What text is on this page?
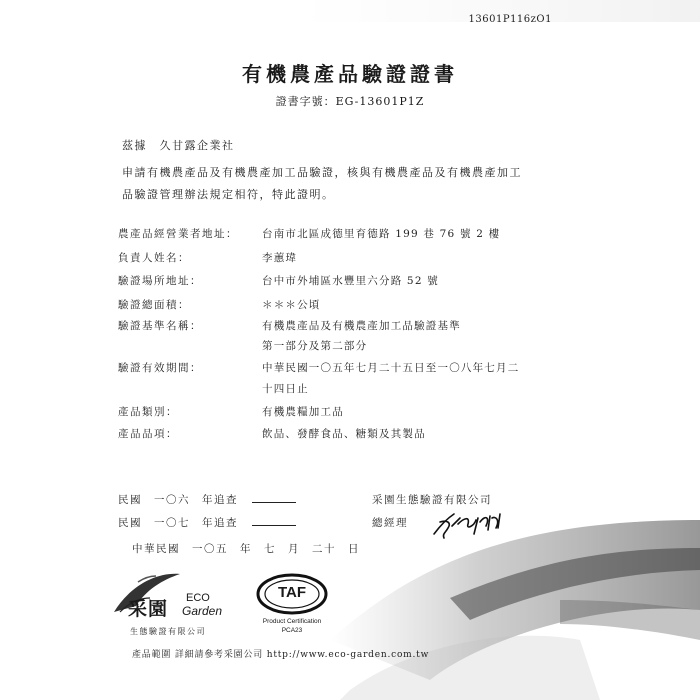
13601P116zO1
有機農產品驗證證書
證書字號：EG-13601P1Z
茲據　久甘露企業社
申請有機農產品及有機農產加工品驗證，核與有機農產品及有機農產加工
品驗證管理辦法規定相符，特此證明。
農產品經營業者地址： 台南市北區成德里育德路 199 巷 76 號 2 樓
負責人姓名：	李蕙瑋
驗證場所地址：	台中市外埔區水豐里六分路 52 號
驗證總面積：	＊＊＊公頃
驗證基準名稱：	有機農產品及有機農產加工品驗證基準
第一部分及第二部分
驗證有效期間：	中華民國一〇五年七月二十五日至一〇八年七月二
十四日止
產品類別：	有機農糧加工品
產品品項：	飲品、發酵食品、糖類及其製品
民國　一〇六　年追查
民國　一〇七　年追查
采園生態驗證有限公司
總經理
中華民國　一〇五　年　七　月　二十　日
采園 ECO
Garden
生態驗證有限公司
TAF
Product Certification
PCA23
產品範圍 詳細請參考采園公司 http://www.eco-garden.com.tw
